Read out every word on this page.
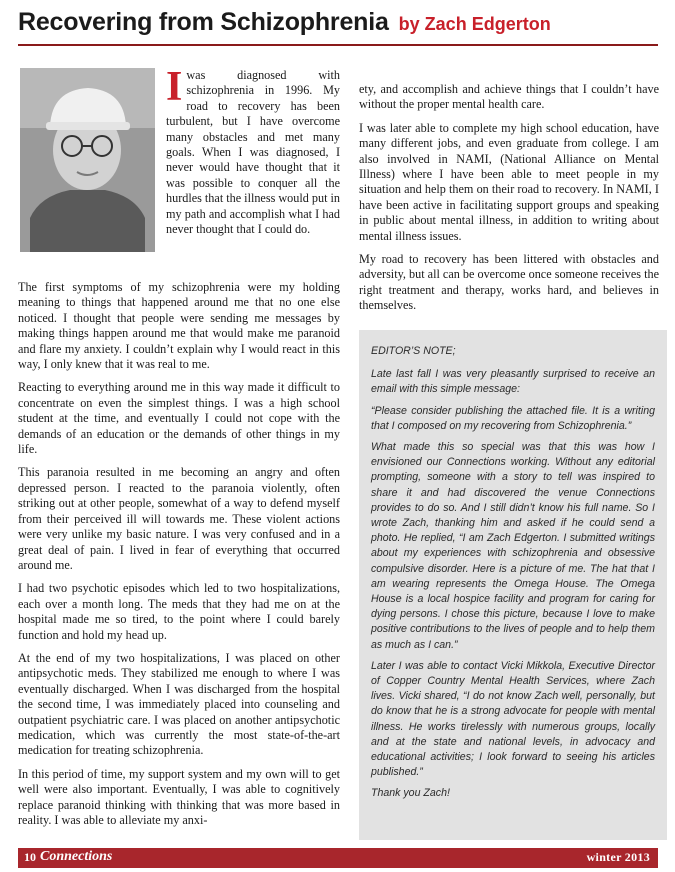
Recovering from Schizophrenia by Zach Edgerton
I was diagnosed with schizophrenia in 1996. My road to recovery has been turbulent, but I have overcome many obstacles and met many goals. When I was diagnosed, I never would have thought that it was possible to conquer all the hurdles that the illness would put in my path and accomplish what I had never thought that I could do.

The first symptoms of my schizophrenia were my holding meaning to things that happened around me that no one else noticed. I thought that people were sending me messages by making things happen around me that would make me paranoid and flare my anxiety. I couldn’t explain why I would react in this way, I only knew that it was real to me.

Reacting to everything around me in this way made it difficult to concentrate on even the simplest things. I was a high school student at the time, and eventually I could not cope with the demands of an education or the demands of other things in my life.

This paranoia resulted in me becoming an angry and often depressed person. I reacted to the paranoia violently, often striking out at other people, somewhat of a way to defend myself from their perceived ill will towards me. These violent actions were very unlike my basic nature. I was very confused and in a great deal of pain. I lived in fear of everything that occurred around me.

I had two psychotic episodes which led to two hospitalizations, each over a month long. The meds that they had me on at the hospital made me so tired, to the point where I could barely function and hold my head up.

At the end of my two hospitalizations, I was placed on other antipsychotic meds. They stabilized me enough to where I was eventually discharged. When I was discharged from the hospital the second time, I was immediately placed into counseling and outpatient psychiatric care. I was placed on another antipsychotic medication, which was currently the most state-of-the-art medication for treating schizophrenia.

In this period of time, my support system and my own will to get well were also important. Eventually, I was able to cognitively replace paranoid thinking with thinking that was more based in reality. I was able to alleviate my anxi-

ety, and accomplish and achieve things that I couldn’t have without the proper mental health care.

I was later able to complete my high school education, have many different jobs, and even graduate from college. I am also involved in NAMI, (National Alliance on Mental Illness) where I have been able to meet people in my situation and help them on their road to recovery. In NAMI, I have been active in facilitating support groups and speaking in public about mental illness, in addition to writing about mental illness issues.

My road to recovery has been littered with obstacles and adversity, but all can be overcome once someone receives the right treatment and therapy, works hard, and believes in themselves.

EDITOR’S NOTE;

Late last fall I was very pleasantly surprised to receive an email with this simple message:

“Please consider publishing the attached file. It is a writing that I composed on my recovering from Schizophrenia.”

What made this so special was that this was how I envisioned our Connections working. Without any editorial prompting, someone with a story to tell was inspired to share it and had discovered the venue Connections provides to do so. And I still didn’t know his full name. So I wrote Zach, thanking him and asked if he could send a photo. He replied, “I am Zach Edgerton. I submitted writings about my experiences with schizophrenia and obsessive compulsive disorder. Here is a picture of me. The hat that I am wearing represents the Omega House. The Omega House is a local hospice facility and program for caring for dying persons. I chose this picture, because I love to make positive contributions to the lives of people and to help them as much as I can.”

Later I was able to contact Vicki Mikkola, Executive Director of Copper Country Mental Health Services, where Zach lives. Vicki shared, “I do not know Zach well, personally, but do know that he is a strong advocate for people with mental illness. He works tirelessly with numerous groups, locally and at the state and national levels, in advocacy and educational activities; I look forward to seeing his articles published.”

Thank you Zach!

10 Connections	winter 2013
